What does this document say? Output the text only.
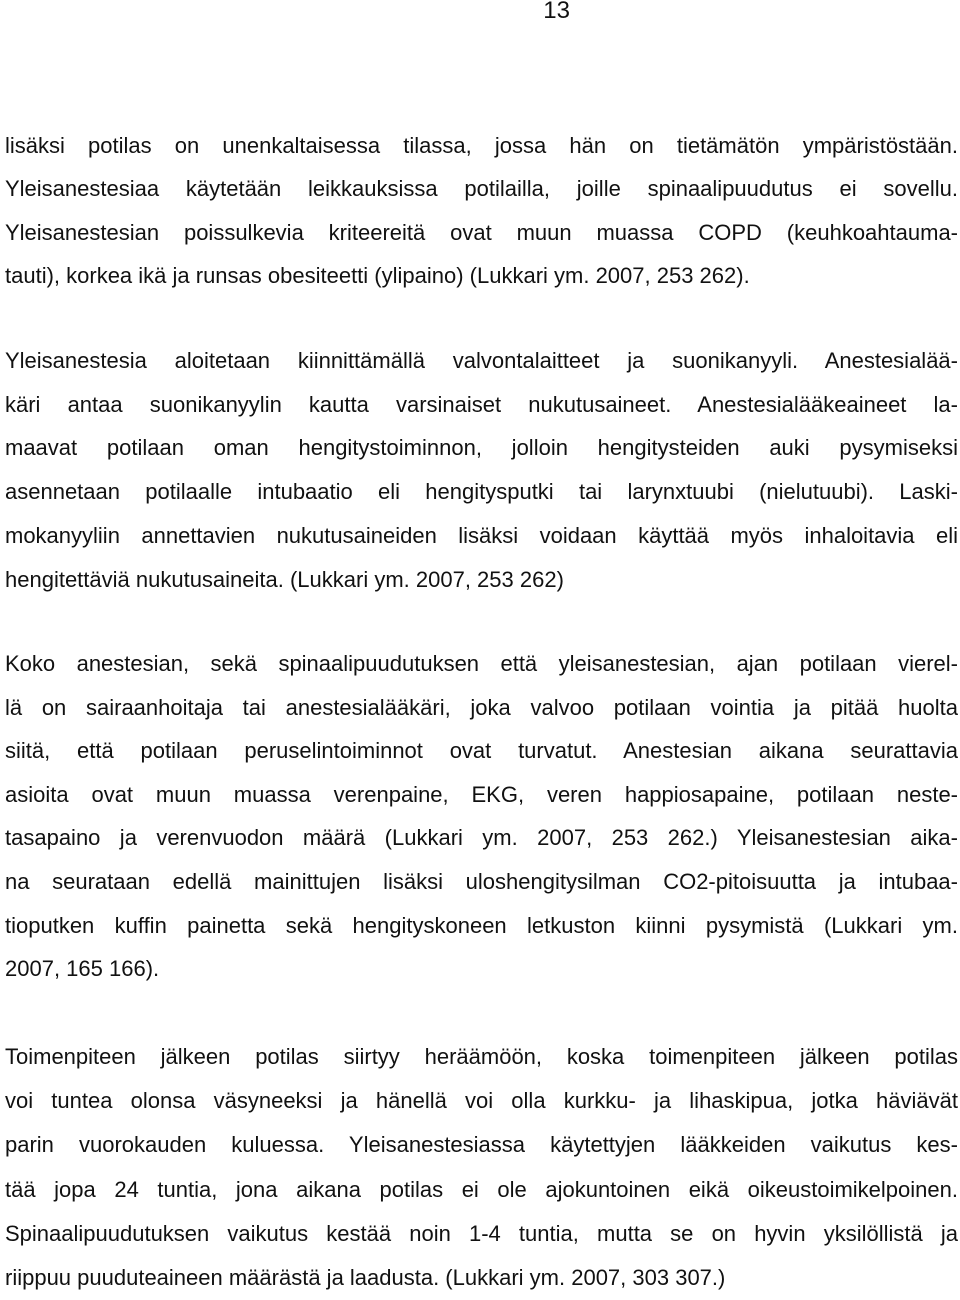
13
lisäksi potilas on unenkaltaisessa tilassa, jossa hän on tietämätön ympäristöstään.
Yleisanestesiaa käytetään leikkauksissa potilailla, joille spinaalipuudutus ei sovellu.
Yleisanestesian poissulkevia kriteereitä ovat muun muassa COPD (keuhkoahtauma-
tauti), korkea ikä ja runsas obesiteetti (ylipaino) (Lukkari ym. 2007, 253 262).
Yleisanestesia aloitetaan kiinnittämällä valvontalaitteet ja suonikanyyli. Anestesialää-
käri antaa suonikanyylin kautta varsinaiset nukutusaineet. Anestesialääkeaineet la-
maavat potilaan oman hengitystoiminnon, jolloin hengitysteiden auki pysymiseksi
asennetaan potilaalle intubaatio eli hengitysputki tai larynxtuubi (nielutuubi). Laski-
mokanyyliin annettavien nukutusaineiden lisäksi voidaan käyttää myös inhaloitavia eli
hengitettäviä nukutusaineita. (Lukkari ym. 2007, 253 262)
Koko anestesian, sekä spinaalipuudutuksen että yleisanestesian, ajan potilaan vierel-
lä on sairaanhoitaja tai anestesialääkäri, joka valvoo potilaan vointia ja pitää huolta
siitä, että potilaan peruselintoiminnot ovat turvatut. Anestesian aikana seurattavia
asioita ovat muun muassa verenpaine, EKG, veren happiosapaine, potilaan neste-
tasapaino ja verenvuodon määrä (Lukkari ym. 2007, 253 262.) Yleisanestesian aika-
na seurataan edellä mainittujen lisäksi uloshengitysilman CO2-pitoisuutta ja intubaa-
tioputken kuffin painetta sekä hengityskoneen letkuston kiinni pysymistä (Lukkari ym.
2007, 165 166).
Toimenpiteen jälkeen potilas siirtyy heräämöön, koska toimenpiteen jälkeen potilas
voi tuntea olonsa väsyneeksi ja hänellä voi olla kurkku- ja lihaskipua, jotka häviävät
parin vuorokauden kuluessa. Yleisanestesiassa käytettyjen lääkkeiden vaikutus kes-
tää jopa 24 tuntia, jona aikana potilas ei ole ajokuntoinen eikä oikeustoimikelpoinen.
Spinaalipuudutuksen vaikutus kestää noin 1-4 tuntia, mutta se on hyvin yksilöllistä ja
riippuu puuduteaineen määrästä ja laadusta. (Lukkari ym. 2007, 303 307.)
